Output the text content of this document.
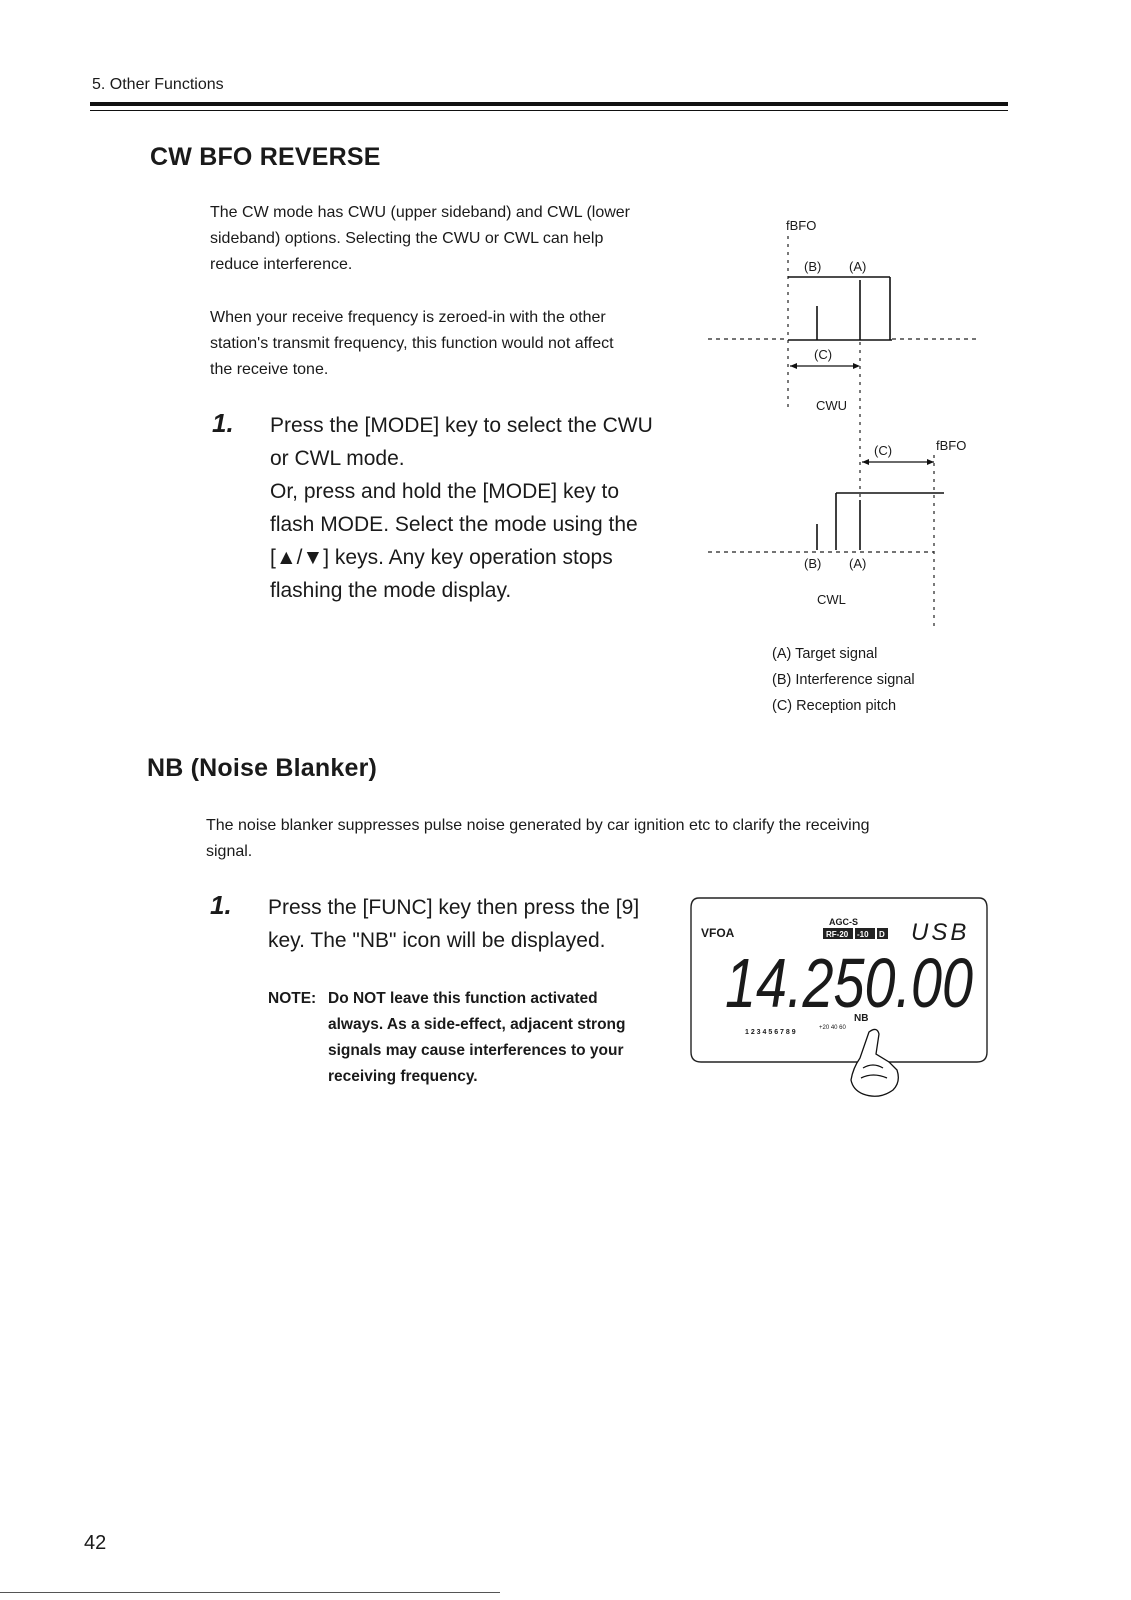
5. Other Functions
CW BFO REVERSE
The CW mode has CWU (upper sideband) and CWL (lower
sideband) options. Selecting the CWU or CWL can help
reduce interference.
When your receive frequency is zeroed-in with the other
station's transmit frequency, this function would not affect
the receive tone.
1. Press the [MODE] key to select the CWU
or CWL mode.
Or, press and hold the [MODE] key to
flash MODE. Select the mode using the
[▲/▼] keys. Any key operation stops
flashing the mode display.
fBFO
(B) (A)
(C)
CWU
(C)	fBFO
(B) (A)
CWL
(A) Target signal
(B) Interference signal
(C) Reception pitch
NB (Noise Blanker)
The noise blanker suppresses pulse noise generated by car ignition etc to clarify the receiving
signal.
1. Press the [FUNC] key then press the [9]
key. The "NB" icon will be displayed.
NOTE: Do NOT leave this function activated
always. As a side-effect, adjacent strong
signals may cause interferences to your
receiving frequency.
VFOA
AGC-S
RF-20 -10 D USB
14.250.00
1 2 3 4 5 6 7 8 9
+20 40 60
NB
42
